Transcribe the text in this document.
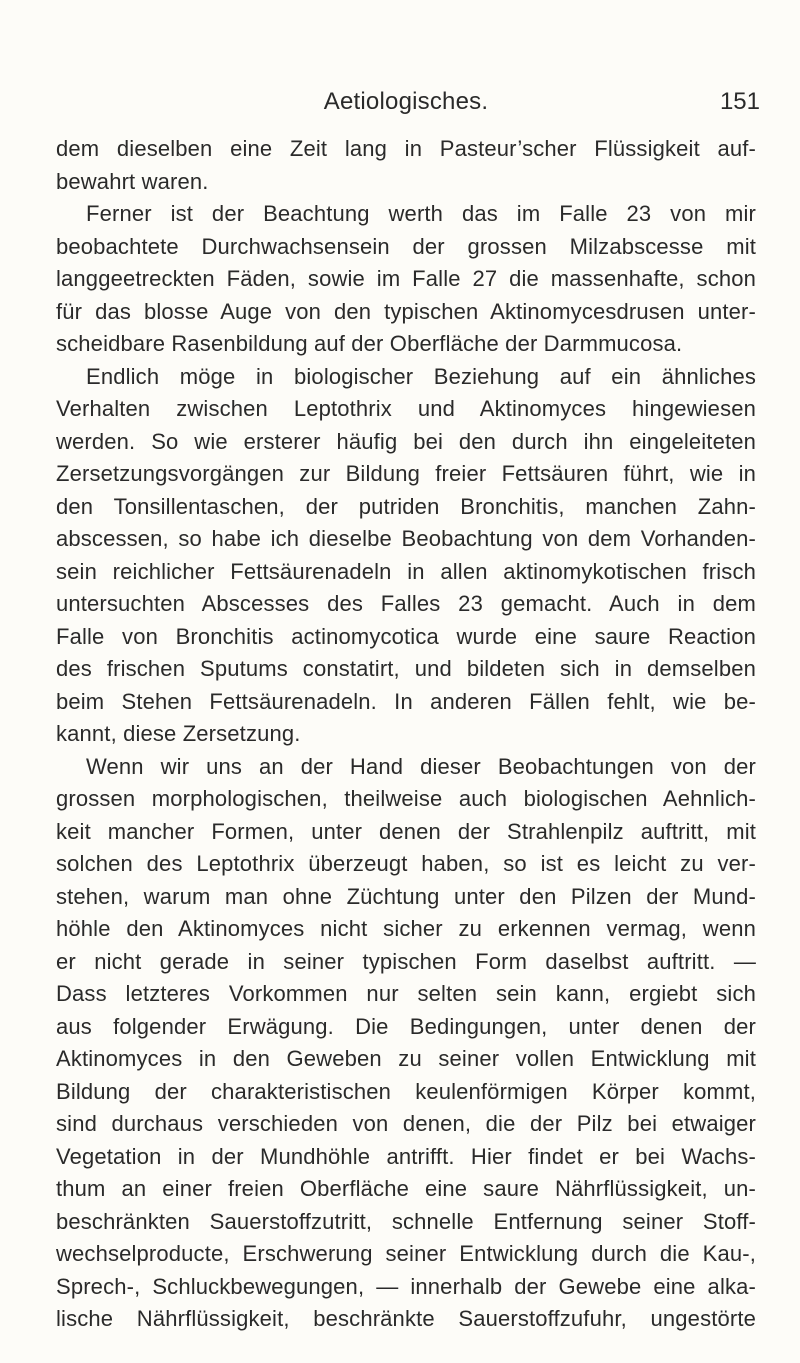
Aetiologisches.	151
dem dieselben eine Zeit lang in Pasteur’scher Flüssigkeit auf-
bewahrt waren.
Ferner ist der Beachtung werth das im Falle 23 von mir
beobachtete Durchwachsensein der grossen Milzabscesse mit
langgeetreckten Fäden, sowie im Falle 27 die massenhafte, schon
für das blosse Auge von den typischen Aktinomycesdrusen unter-
scheidbare Rasenbildung auf der Oberfläche der Darmmucosa.
Endlich möge in biologischer Beziehung auf ein ähnliches
Verhalten zwischen Leptothrix und Aktinomyces hingewiesen
werden. So wie ersterer häufig bei den durch ihn eingeleiteten
Zersetzungsvorgängen zur Bildung freier Fettsäuren führt, wie in
den Tonsillentaschen, der putriden Bronchitis, manchen Zahn-
abscessen, so habe ich dieselbe Beobachtung von dem Vorhanden-
sein reichlicher Fettsäurenadeln in allen aktinomykotischen frisch
untersuchten Abscesses des Falles 23 gemacht. Auch in dem
Falle von Bronchitis actinomycotica wurde eine saure Reaction
des frischen Sputums constatirt, und bildeten sich in demselben
beim Stehen Fettsäurenadeln. In anderen Fällen fehlt, wie be-
kannt, diese Zersetzung.
Wenn wir uns an der Hand dieser Beobachtungen von der
grossen morphologischen, theilweise auch biologischen Aehnlich-
keit mancher Formen, unter denen der Strahlenpilz auftritt, mit
solchen des Leptothrix überzeugt haben, so ist es leicht zu ver-
stehen, warum man ohne Züchtung unter den Pilzen der Mund-
höhle den Aktinomyces nicht sicher zu erkennen vermag, wenn
er nicht gerade in seiner typischen Form daselbst auftritt. —
Dass letzteres Vorkommen nur selten sein kann, ergiebt sich
aus folgender Erwägung. Die Bedingungen, unter denen der
Aktinomyces in den Geweben zu seiner vollen Entwicklung mit
Bildung der charakteristischen keulenförmigen Körper kommt,
sind durchaus verschieden von denen, die der Pilz bei etwaiger
Vegetation in der Mundhöhle antrifft. Hier findet er bei Wachs-
thum an einer freien Oberfläche eine saure Nährflüssigkeit, un-
beschränkten Sauerstoffzutritt, schnelle Entfernung seiner Stoff-
wechselproducte, Erschwerung seiner Entwicklung durch die Kau-,
Sprech-, Schluckbewegungen, — innerhalb der Gewebe eine alka-
lische Nährflüssigkeit, beschränkte Sauerstoffzufuhr, ungestörte
